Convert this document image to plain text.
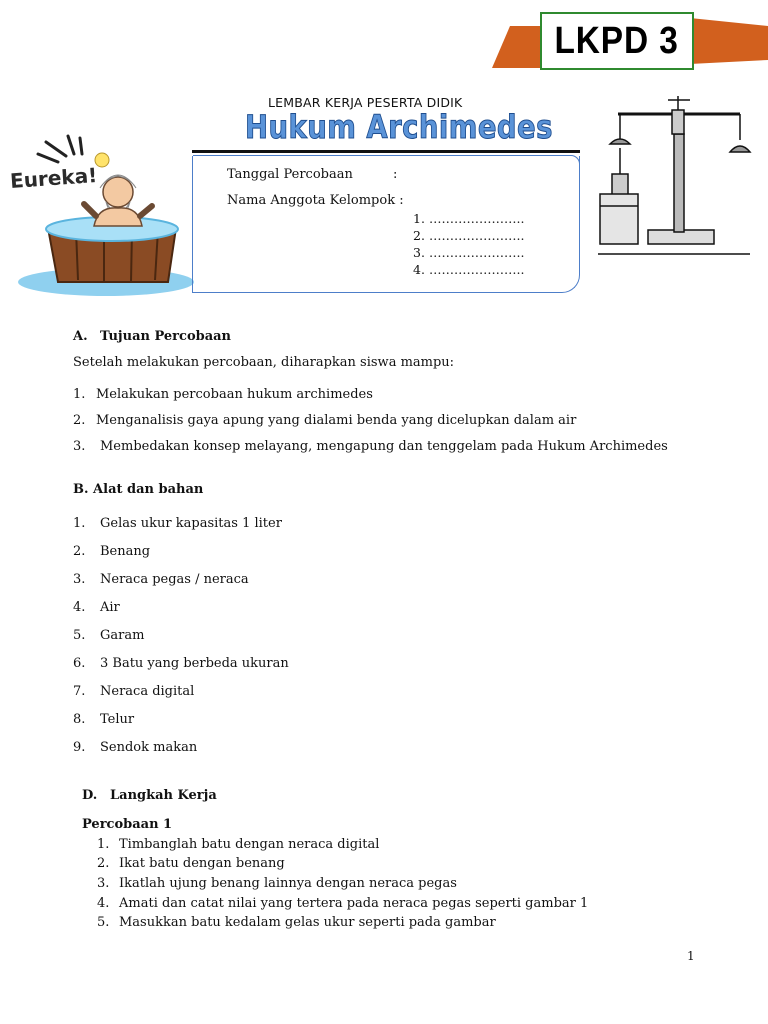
LKPD 3
LEMBAR KERJA PESERTA DIDIK
Hukum Archimedes
Eureka!	Tanggal Percobaan	:
Nama Anggota Kelompok :
1. …………………..
2. …………………..
3. …………………..
4. …………………..
A. Tujuan Percobaan
Setelah melakukan percobaan, diharapkan siswa mampu:
1. Melakukan percobaan hukum archimedes
2. Menganalisis gaya apung yang dialami benda yang dicelupkan dalam air
3. Membedakan konsep melayang, mengapung dan tenggelam pada Hukum Archimedes
B. Alat dan bahan
1. Gelas ukur kapasitas 1 liter
2. Benang
3. Neraca pegas / neraca
4. Air
5. Garam
6. 3 Batu yang berbeda ukuran
7. Neraca digital
8. Telur
9. Sendok makan
D. Langkah Kerja
Percobaan 1
1. Timbanglah batu dengan neraca digital
2. Ikat batu dengan benang
3. Ikatlah ujung benang lainnya dengan neraca pegas
4. Amati dan catat nilai yang tertera pada neraca pegas seperti gambar 1
5. Masukkan batu kedalam gelas ukur seperti pada gambar
1
